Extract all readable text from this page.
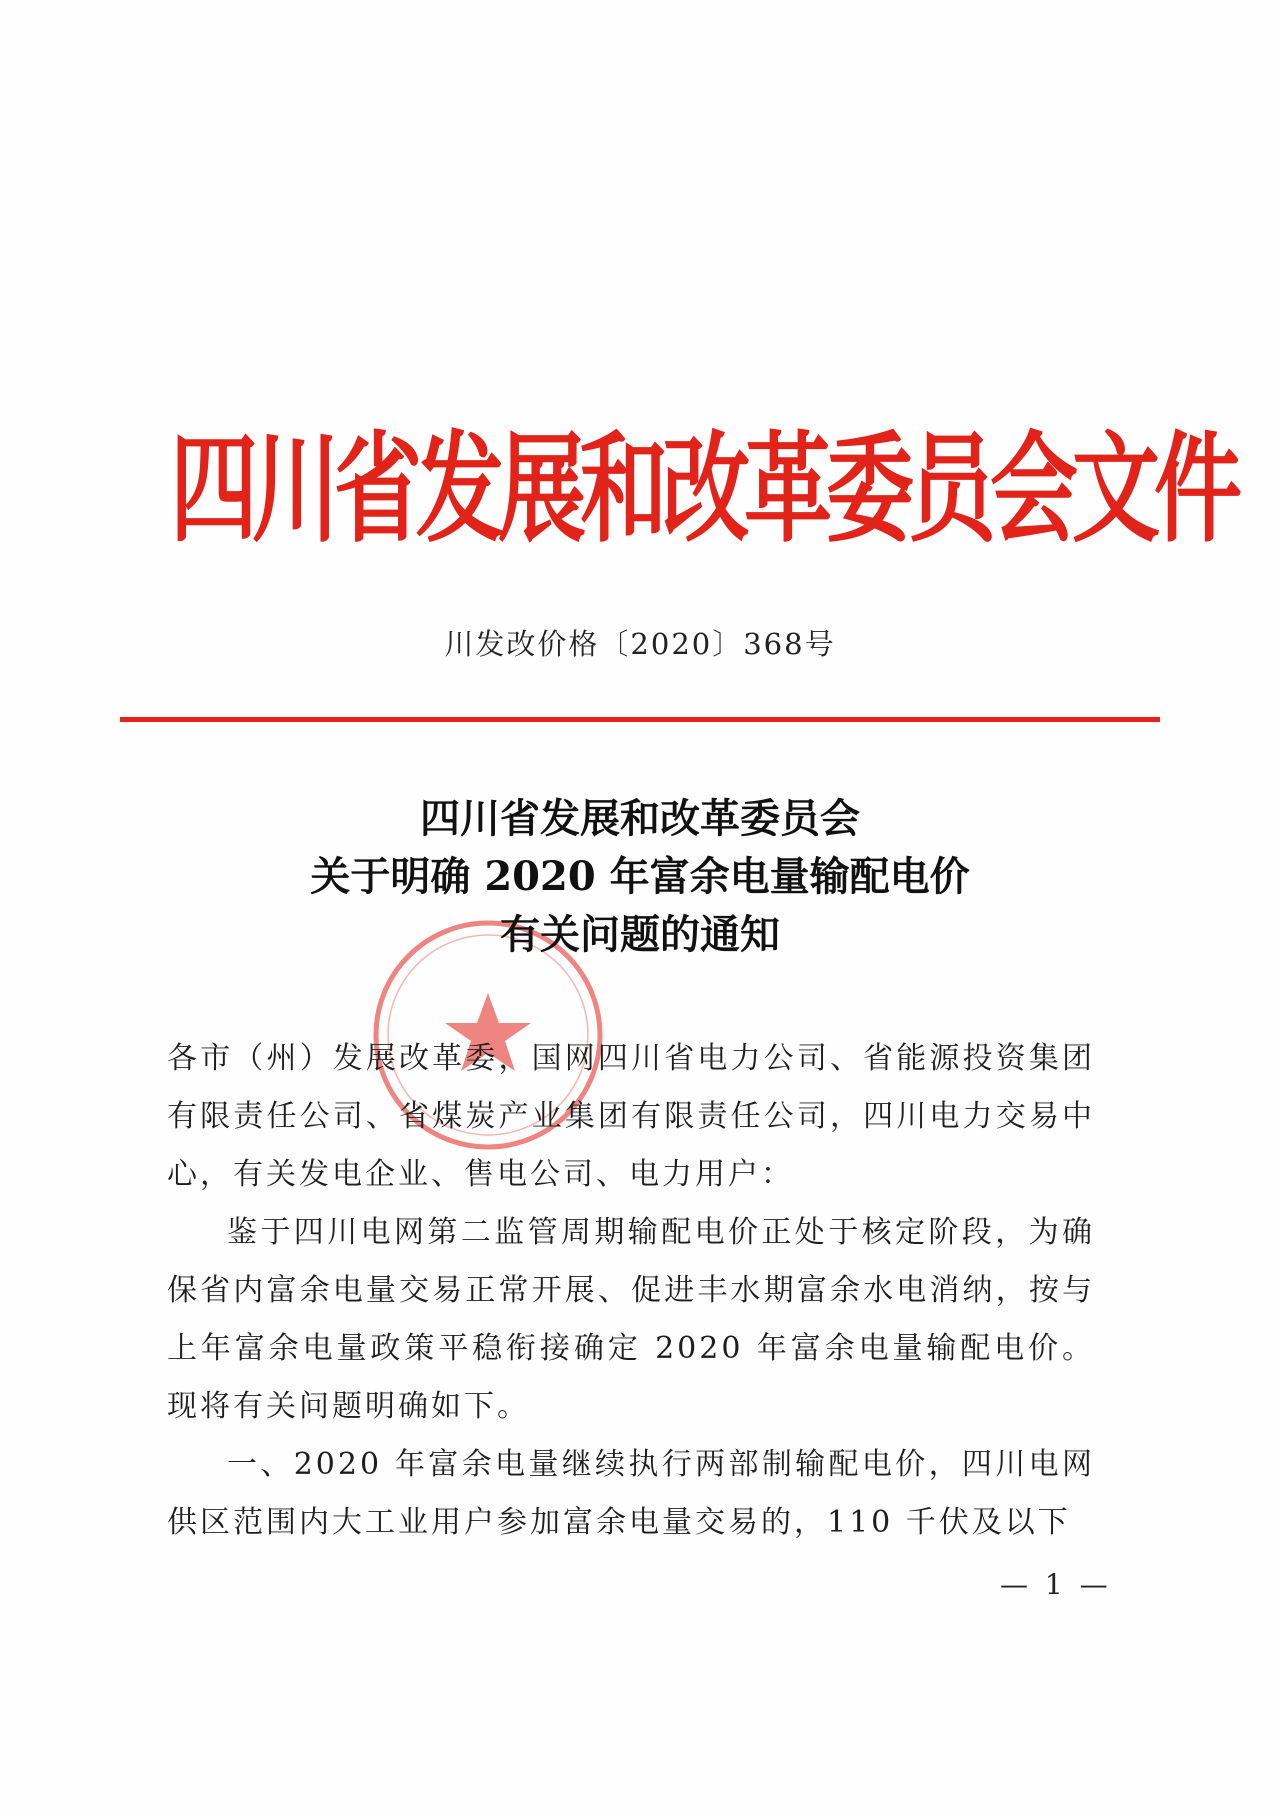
四川省发展和改革委员会文件
川发改价格〔2020〕368号
四川省发展和改革委员会
关于明确 2020 年富余电量输配电价
有关问题的通知

各市（州）发展改革委，国网四川省电力公司、省能源投资集团有限责任公司、省煤炭产业集团有限责任公司，四川电力交易中心，有关发电企业、售电公司、电力用户：

鉴于四川电网第二监管周期输配电价正处于核定阶段，为确保省内富余电量交易正常开展、促进丰水期富余水电消纳，按与上年富余电量政策平稳衔接确定 2020 年富余电量输配电价。现将有关问题明确如下。

一、2020 年富余电量继续执行两部制输配电价，四川电网供区范围内大工业用户参加富余电量交易的，110 千伏及以下

— 1 —
